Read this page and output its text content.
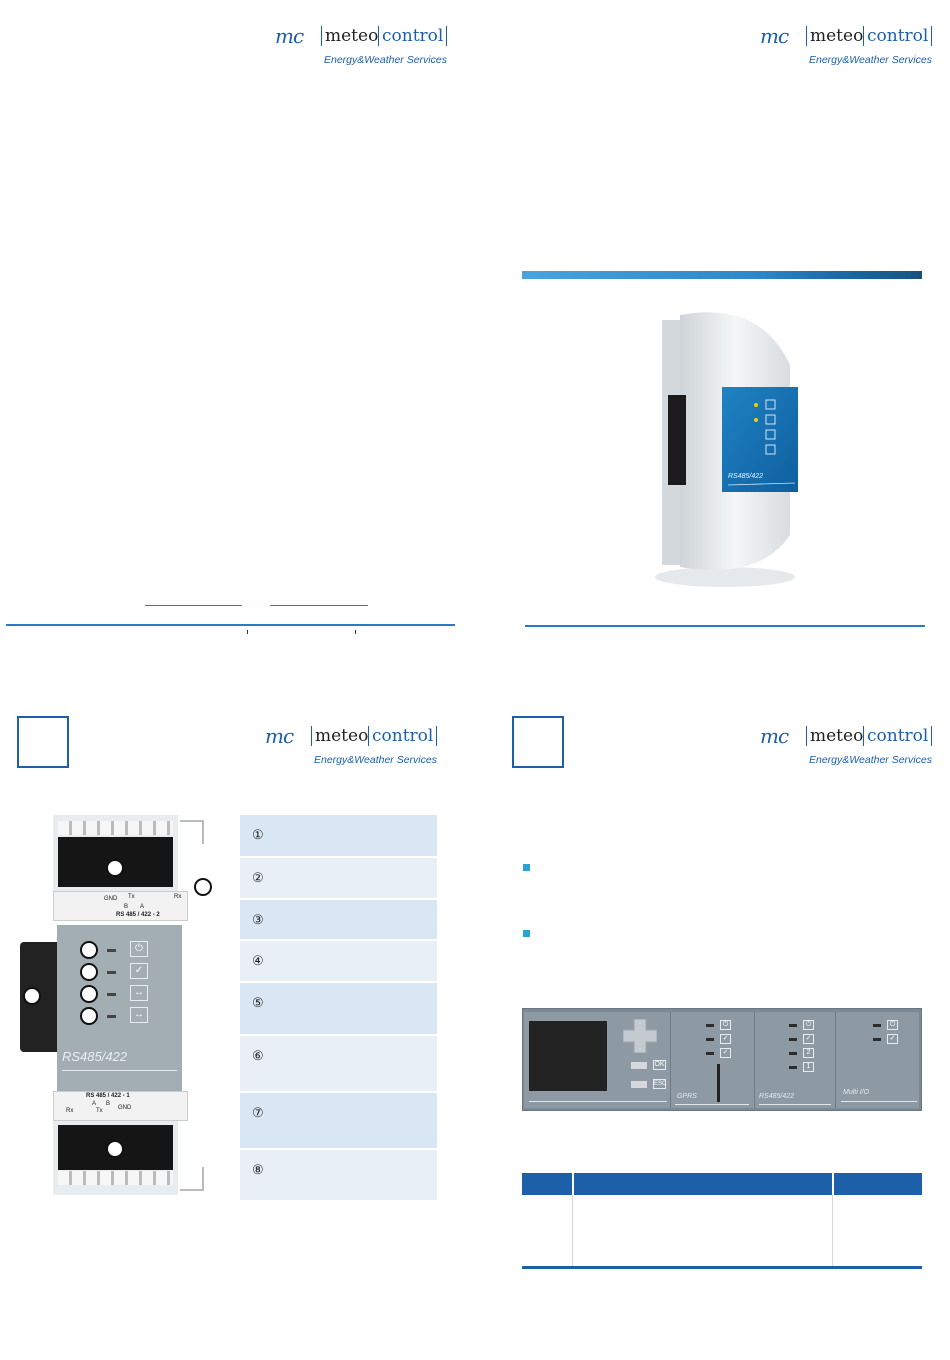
mc meteo control
Energy&Weather Services
mc meteo control
Energy&Weather Services
RS485/422
mc meteo control
Energy&Weather Services
GND Tx	Rx
B A
RS 485 / 422 - 2
⏻
✓
↔
↔
RS485/422
RS 485 / 422 - 1
Rx
A B
Tx	GND
①
②
③
④
⑤
⑥
⑦
⑧
mc meteo control
Energy&Weather Services
OK
ESC
⏻
✓
✓
GPRS
⏻
✓
2
1
RS485/422
⏻
✓
Multi I/O
